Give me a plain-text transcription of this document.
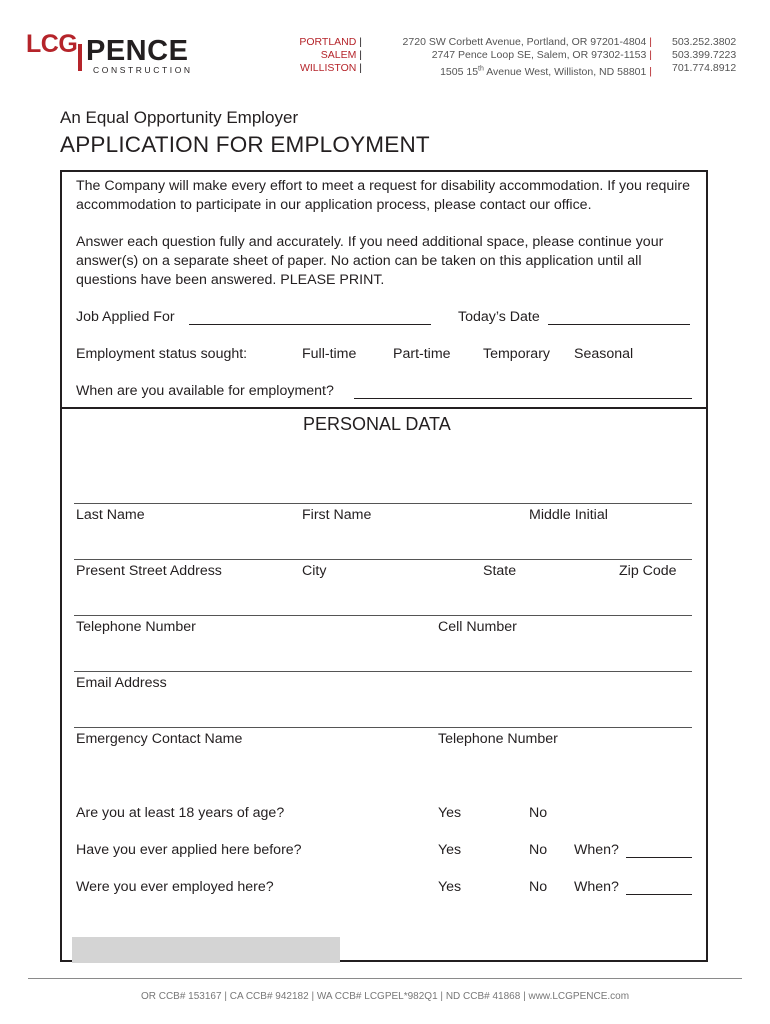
LCG PENCE
CONSTRUCTION
PORTLAND |	2720 SW Corbett Avenue, Portland, OR 97201-4804 | 503.252.3802
SALEM |	2747 Pence Loop SE, Salem, OR 97302-1153 | 503.399.7223
WILLISTON |	1505 15th Avenue West, Williston, ND 58801 | 701.774.8912
An Equal Opportunity Employer
APPLICATION FOR EMPLOYMENT
The Company will make every effort to meet a request for disability accommodation. If you require accommodation to participate in our application process, please contact our office.
Answer each question fully and accurately. If you need additional space, please continue your answer(s) on a separate sheet of paper. No action can be taken on this application until all questions have been answered. PLEASE PRINT.
Job Applied For	Today’s Date
Employment status sought:	Full-time	Part-time Temporary Seasonal
When are you available for employment?
PERSONAL DATA
Last Name	First Name	Middle Initial
Present Street Address	City	State	Zip Code
Telephone Number	Cell Number
Email Address
Emergency Contact Name	Telephone Number
Are you at least 18 years of age?	Yes	No
Have you ever applied here before?	Yes	No When?
Were you ever employed here?	Yes	No When?
OR CCB# 153167 | CA CCB# 942182 | WA CCB# LCGPEL*982Q1 | ND CCB# 41868 | www.LCGPENCE.com
